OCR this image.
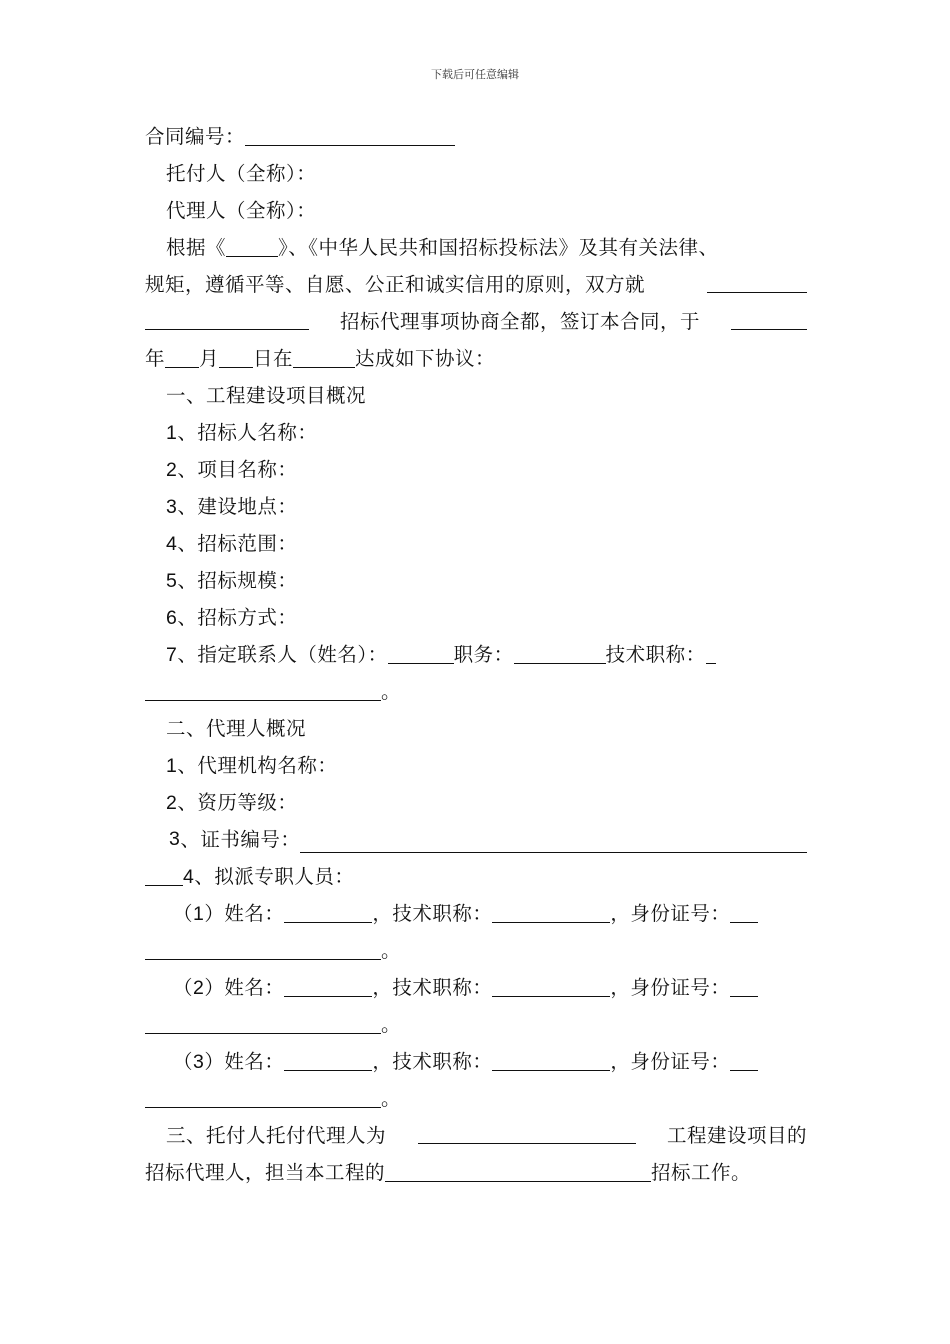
下载后可任意编辑
合同编号：
托付人（全称）：
代理人（全称）：
根据《	》、《中华人民共和国招标投标法》及其有关法律、
规矩，遵循平等、自愿、公正和诚实信用的原则，双方就
招标代理事项协商全都，签订本合同，于
年 月 日在	达成如下协议：
一、工程建设项目概况
1、招标人名称：
2、项目名称：
3、建设地点：
4、招标范围：
5、招标规模：
6、招标方式：
7、指定联系人（姓名）：	职务：	技术职称：
。
二、代理人概况
1、代理机构名称：
2、资历等级：
3 、证书编号：
4、拟派专职人员：
（1）姓名：	，技术职称：	，身份证号：
。
（2）姓名：	，技术职称：	，身份证号：
。
（3）姓名：	，技术职称：	，身份证号：
。
三、托付人托付代理人为	工程建设项目的
招标代理人，担当本工程的	招标工作。
